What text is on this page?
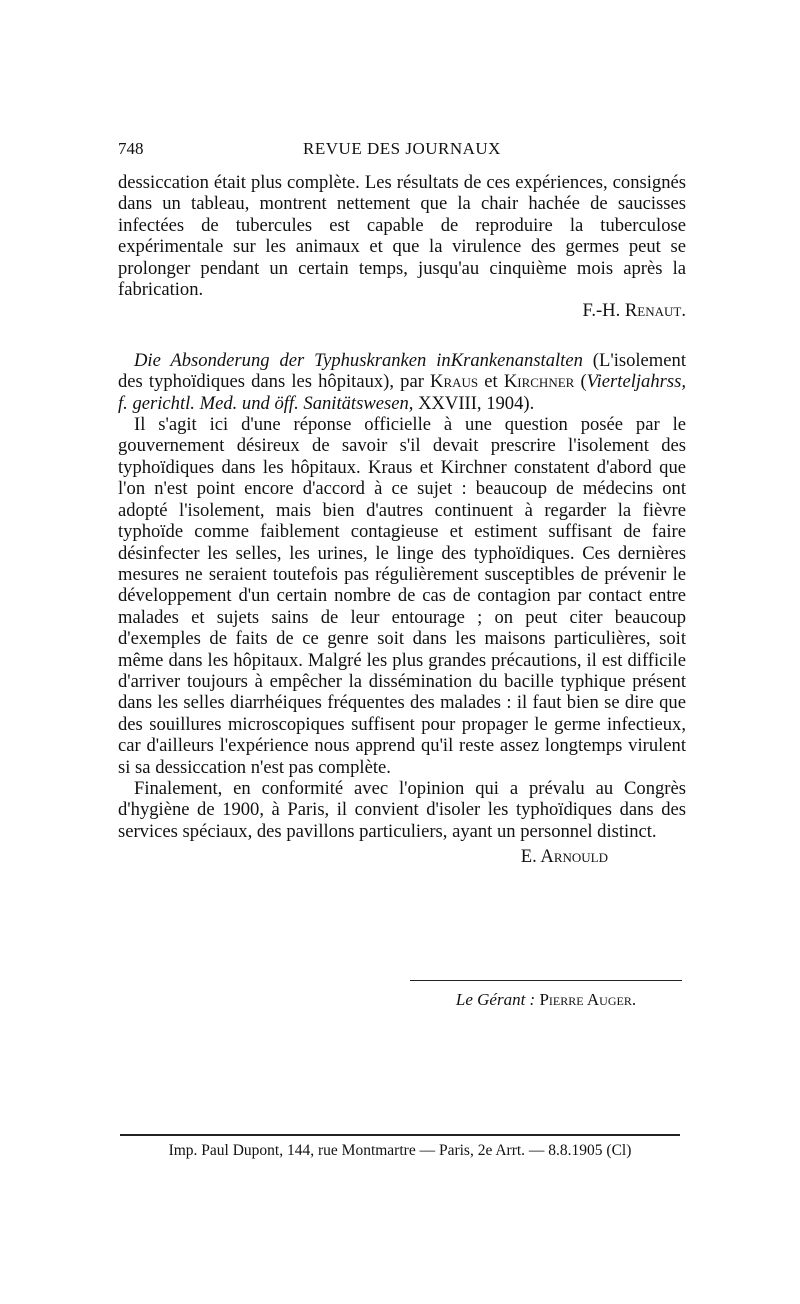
748	REVUE DES JOURNAUX

dessiccation était plus complète. Les résultats de ces expériences, consignés dans un tableau, montrent nettement que la chair hachée de saucisses infectées de tubercules est capable de reproduire la tuberculose expérimentale sur les animaux et que la virulence des germes peut se prolonger pendant un certain temps, jusqu'au cinquième mois après la fabrication.

F.-H. Renaut.

Die Absonderung der Typhuskranken inKrankenanstalten (L'isolement des typhoïdiques dans les hôpitaux), par Kraus et Kirchner (Vierteljahrss, f. gerichtl. Med. und öff. Sanitätswesen, XXVIII, 1904).

Il s'agit ici d'une réponse officielle à une question posée par le gouvernement désireux de savoir s'il devait prescrire l'isolement des typhoïdiques dans les hôpitaux. Kraus et Kirchner constatent d'abord que l'on n'est point encore d'accord à ce sujet : beaucoup de médecins ont adopté l'isolement, mais bien d'autres continuent à regarder la fièvre typhoïde comme faiblement contagieuse et estiment suffisant de faire désinfecter les selles, les urines, le linge des typhoïdiques. Ces dernières mesures ne seraient toutefois pas régulièrement susceptibles de prévenir le développement d'un certain nombre de cas de contagion par contact entre malades et sujets sains de leur entourage ; on peut citer beaucoup d'exemples de faits de ce genre soit dans les maisons particulières, soit même dans les hôpitaux. Malgré les plus grandes précautions, il est difficile d'arriver toujours à empêcher la dissémination du bacille typhique présent dans les selles diarrhéiques fréquentes des malades : il faut bien se dire que des souillures microscopiques suffisent pour propager le germe infectieux, car d'ailleurs l'expérience nous apprend qu'il reste assez longtemps virulent si sa dessiccation n'est pas complète.

Finalement, en conformité avec l'opinion qui a prévalu au Congrès d'hygiène de 1900, à Paris, il convient d'isoler les typhoïdiques dans des services spéciaux, des pavillons particuliers, ayant un personnel distinct.

E. Arnould

Le Gérant : Pierre Auger.
Imp. Paul Dupont, 144, rue Montmartre — Paris, 2e Arrt. — 8.8.1905 (Cl)
